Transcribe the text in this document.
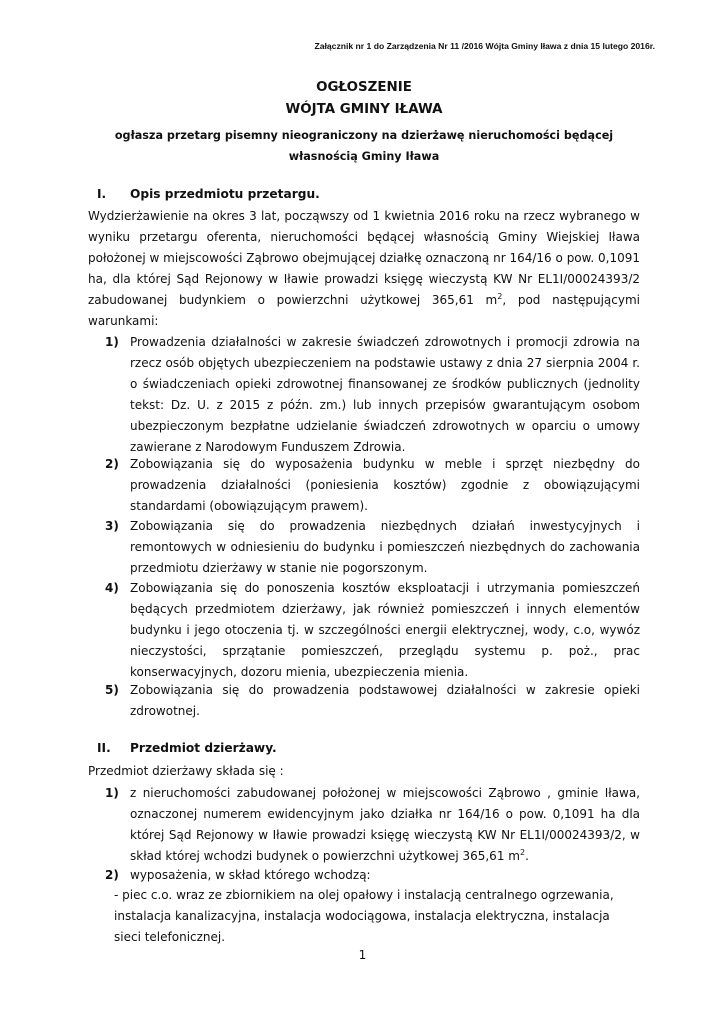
Załącznik nr 1 do Zarządzenia Nr 11 /2016 Wójta Gminy Iława z dnia 15 lutego 2016r.
OGŁOSZENIE
WÓJTA GMINY IŁAWA
ogłasza przetarg pisemny nieograniczony na dzierżawę nieruchomości będącej własnością Gminy Iława
I. Opis przedmiotu przetargu.
Wydzierżawienie na okres 3 lat, począwszy od 1 kwietnia 2016 roku na rzecz wybranego w wyniku przetargu oferenta, nieruchomości będącej własnością Gminy Wiejskiej Iława położonej w miejscowości Ząbrowo obejmującej działkę oznaczoną nr 164/16 o pow. 0,1091 ha, dla której Sąd Rejonowy w Iławie prowadzi księgę wieczystą KW Nr EL1I/00024393/2 zabudowanej budynkiem o powierzchni użytkowej 365,61 $m^2$, pod następującymi warunkami:
1) Prowadzenia działalności w zakresie świadczeń zdrowotnych i promocji zdrowia na rzecz osób objętych ubezpieczeniem na podstawie ustawy z dnia 27 sierpnia 2004 r. o świadczeniach opieki zdrowotnej finansowanej ze środków publicznych (jednolity tekst: Dz. U. z 2015 z późn. zm.) lub innych przepisów gwarantującym osobom ubezpieczonym bezpłatne udzielanie świadczeń zdrowotnych w oparciu o umowy zawierane z Narodowym Funduszem Zdrowia.
2) Zobowiązania się do wyposażenia budynku w meble i sprzęt niezbędny do prowadzenia działalności (poniesienia kosztów) zgodnie z obowiązującymi standardami (obowiązującym prawem).
3) Zobowiązania się do prowadzenia niezbędnych działań inwestycyjnych i remontowych w odniesieniu do budynku i pomieszczeń niezbędnych do zachowania przedmiotu dzierżawy w stanie nie pogorszonym.
4) Zobowiązania się do ponoszenia kosztów eksploatacji i utrzymania pomieszczeń będących przedmiotem dzierżawy, jak również pomieszczeń i innych elementów budynku i jego otoczenia tj. w szczególności energii elektrycznej, wody, c.o, wywóz nieczystości, sprzątanie pomieszczeń, przeglądu systemu p. poż., prac konserwacyjnych, dozoru mienia, ubezpieczenia mienia.
5) Zobowiązania się do prowadzenia podstawowej działalności w zakresie opieki zdrowotnej.
II. Przedmiot dzierżawy.
Przedmiot dzierżawy składa się :
1) z nieruchomości zabudowanej położonej w miejscowości Ząbrowo , gminie Iława, oznaczonej numerem ewidencyjnym jako działka nr 164/16 o pow. 0,1091 ha dla której Sąd Rejonowy w Iławie prowadzi księgę wieczystą KW Nr EL1I/00024393/2, w skład której wchodzi budynek o powierzchni użytkowej 365,61 $m^2$.
2) wyposażenia, w skład którego wchodzą:
- piec c.o. wraz ze zbiornikiem na olej opałowy i instalacją centralnego ogrzewania, instalacja kanalizacyjna, instalacja wodociągowa, instalacja elektryczna, instalacja sieci telefonicznej.
1
